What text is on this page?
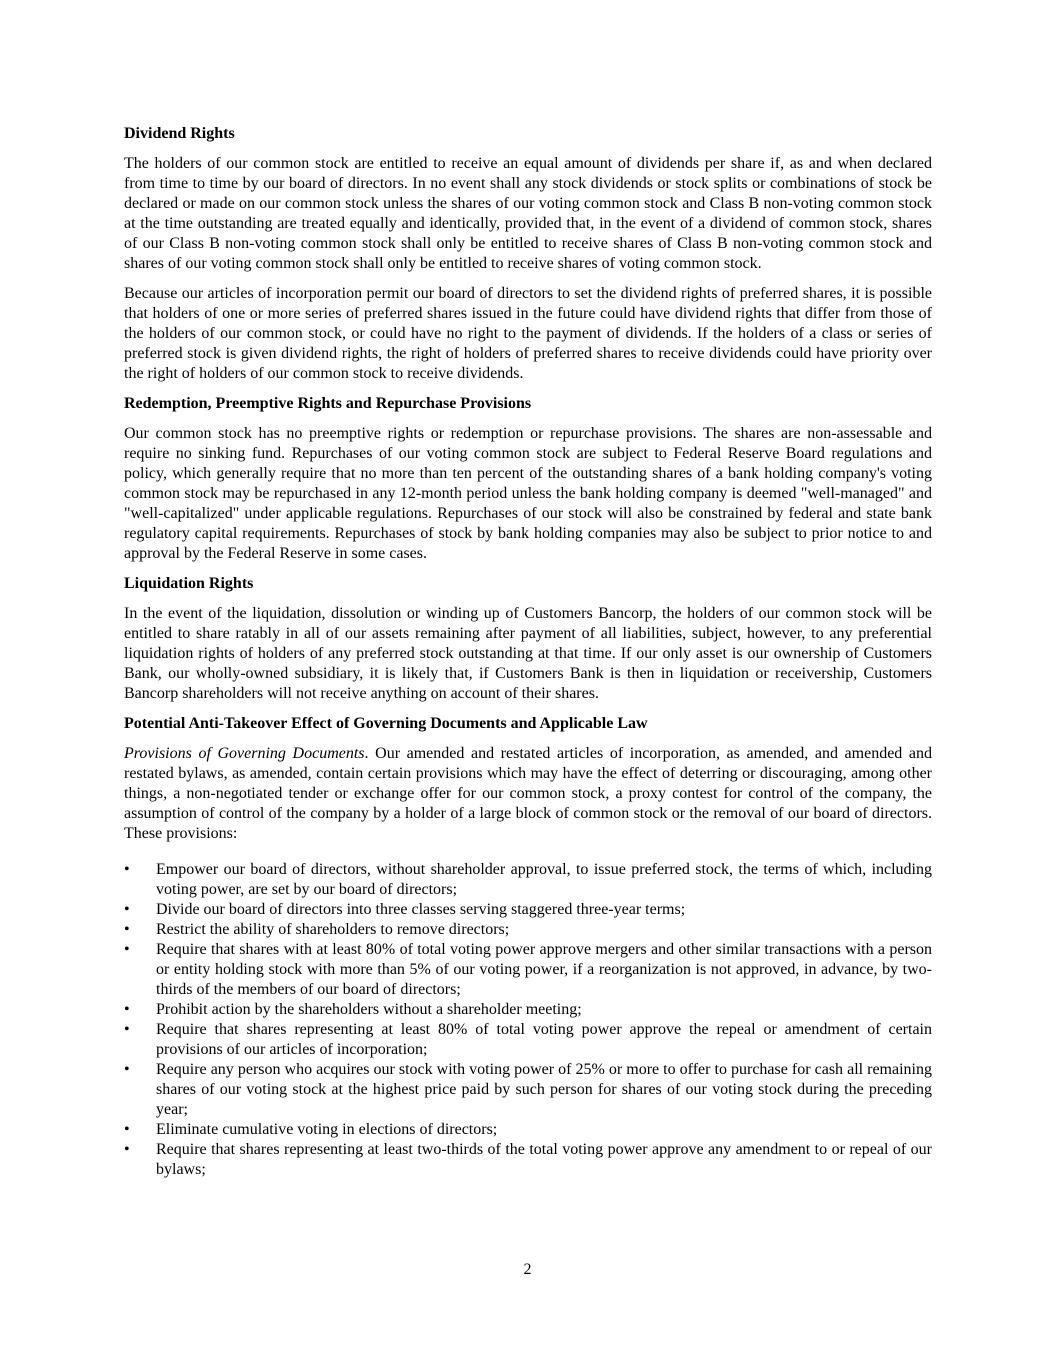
Dividend Rights

The holders of our common stock are entitled to receive an equal amount of dividends per share if, as and when declared from time to time by our board of directors. In no event shall any stock dividends or stock splits or combinations of stock be declared or made on our common stock unless the shares of our voting common stock and Class B non-voting common stock at the time outstanding are treated equally and identically, provided that, in the event of a dividend of common stock, shares of our Class B non-voting common stock shall only be entitled to receive shares of Class B non-voting common stock and shares of our voting common stock shall only be entitled to receive shares of voting common stock.

Because our articles of incorporation permit our board of directors to set the dividend rights of preferred shares, it is possible that holders of one or more series of preferred shares issued in the future could have dividend rights that differ from those of the holders of our common stock, or could have no right to the payment of dividends. If the holders of a class or series of preferred stock is given dividend rights, the right of holders of preferred shares to receive dividends could have priority over the right of holders of our common stock to receive dividends.

Redemption, Preemptive Rights and Repurchase Provisions

Our common stock has no preemptive rights or redemption or repurchase provisions. The shares are non-assessable and require no sinking fund. Repurchases of our voting common stock are subject to Federal Reserve Board regulations and policy, which generally require that no more than ten percent of the outstanding shares of a bank holding company's voting common stock may be repurchased in any 12-month period unless the bank holding company is deemed "well-managed" and "well-capitalized" under applicable regulations. Repurchases of our stock will also be constrained by federal and state bank regulatory capital requirements. Repurchases of stock by bank holding companies may also be subject to prior notice to and approval by the Federal Reserve in some cases.

Liquidation Rights

In the event of the liquidation, dissolution or winding up of Customers Bancorp, the holders of our common stock will be entitled to share ratably in all of our assets remaining after payment of all liabilities, subject, however, to any preferential liquidation rights of holders of any preferred stock outstanding at that time. If our only asset is our ownership of Customers Bank, our wholly-owned subsidiary, it is likely that, if Customers Bank is then in liquidation or receivership, Customers Bancorp shareholders will not receive anything on account of their shares.

Potential Anti-Takeover Effect of Governing Documents and Applicable Law

Provisions of Governing Documents. Our amended and restated articles of incorporation, as amended, and amended and restated bylaws, as amended, contain certain provisions which may have the effect of deterring or discouraging, among other things, a non-negotiated tender or exchange offer for our common stock, a proxy contest for control of the company, the assumption of control of the company by a holder of a large block of common stock or the removal of our board of directors. These provisions:

• Empower our board of directors, without shareholder approval, to issue preferred stock, the terms of which, including voting power, are set by our board of directors;
• Divide our board of directors into three classes serving staggered three-year terms;
• Restrict the ability of shareholders to remove directors;
• Require that shares with at least 80% of total voting power approve mergers and other similar transactions with a person or entity holding stock with more than 5% of our voting power, if a reorganization is not approved, in advance, by two-thirds of the members of our board of directors;
• Prohibit action by the shareholders without a shareholder meeting;
• Require that shares representing at least 80% of total voting power approve the repeal or amendment of certain provisions of our articles of incorporation;
• Require any person who acquires our stock with voting power of 25% or more to offer to purchase for cash all remaining shares of our voting stock at the highest price paid by such person for shares of our voting stock during the preceding year;
• Eliminate cumulative voting in elections of directors;
• Require that shares representing at least two-thirds of the total voting power approve any amendment to or repeal of our bylaws;
2
